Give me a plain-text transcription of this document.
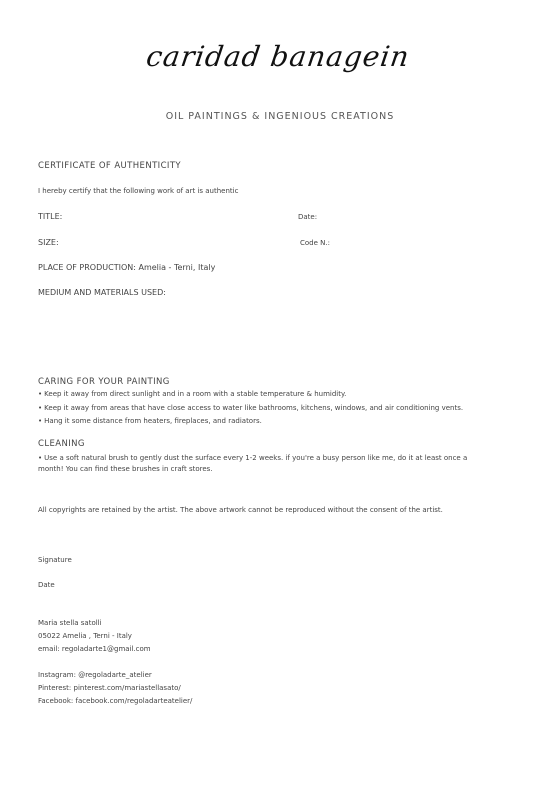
caridad banagein
OIL PAINTINGS & INGENIOUS CREATIONS
CERTIFICATE OF AUTHENTICITY
I hereby certify that the following work of art is authentic
TITLE:	Date:
SIZE:	Code N.:
PLACE OF PRODUCTION: Amelia - Terni, Italy
MEDIUM AND MATERIALS USED:
CARING FOR YOUR PAINTING
• Keep it away from direct sunlight and in a room with a stable temperature & humidity.
• Keep it away from areas that have close access to water like bathrooms, kitchens, windows, and air conditioning vents.
• Hang it some distance from heaters, fireplaces, and radiators.
CLEANING
• Use a soft natural brush to gently dust the surface every 1-2 weeks. if you're a busy person like me, do it at least once a month! You can find these brushes in craft stores.
All copyrights are retained by the artist. The above artwork cannot be reproduced without the consent of the artist.
Signature
Date
Maria stella satolli
05022 Amelia , Terni - Italy
email: regoladarte1@gmail.com
Instagram: @regoladarte_atelier
Pinterest: pinterest.com/mariastellasato/
Facebook: facebook.com/regoladarteatelier/
